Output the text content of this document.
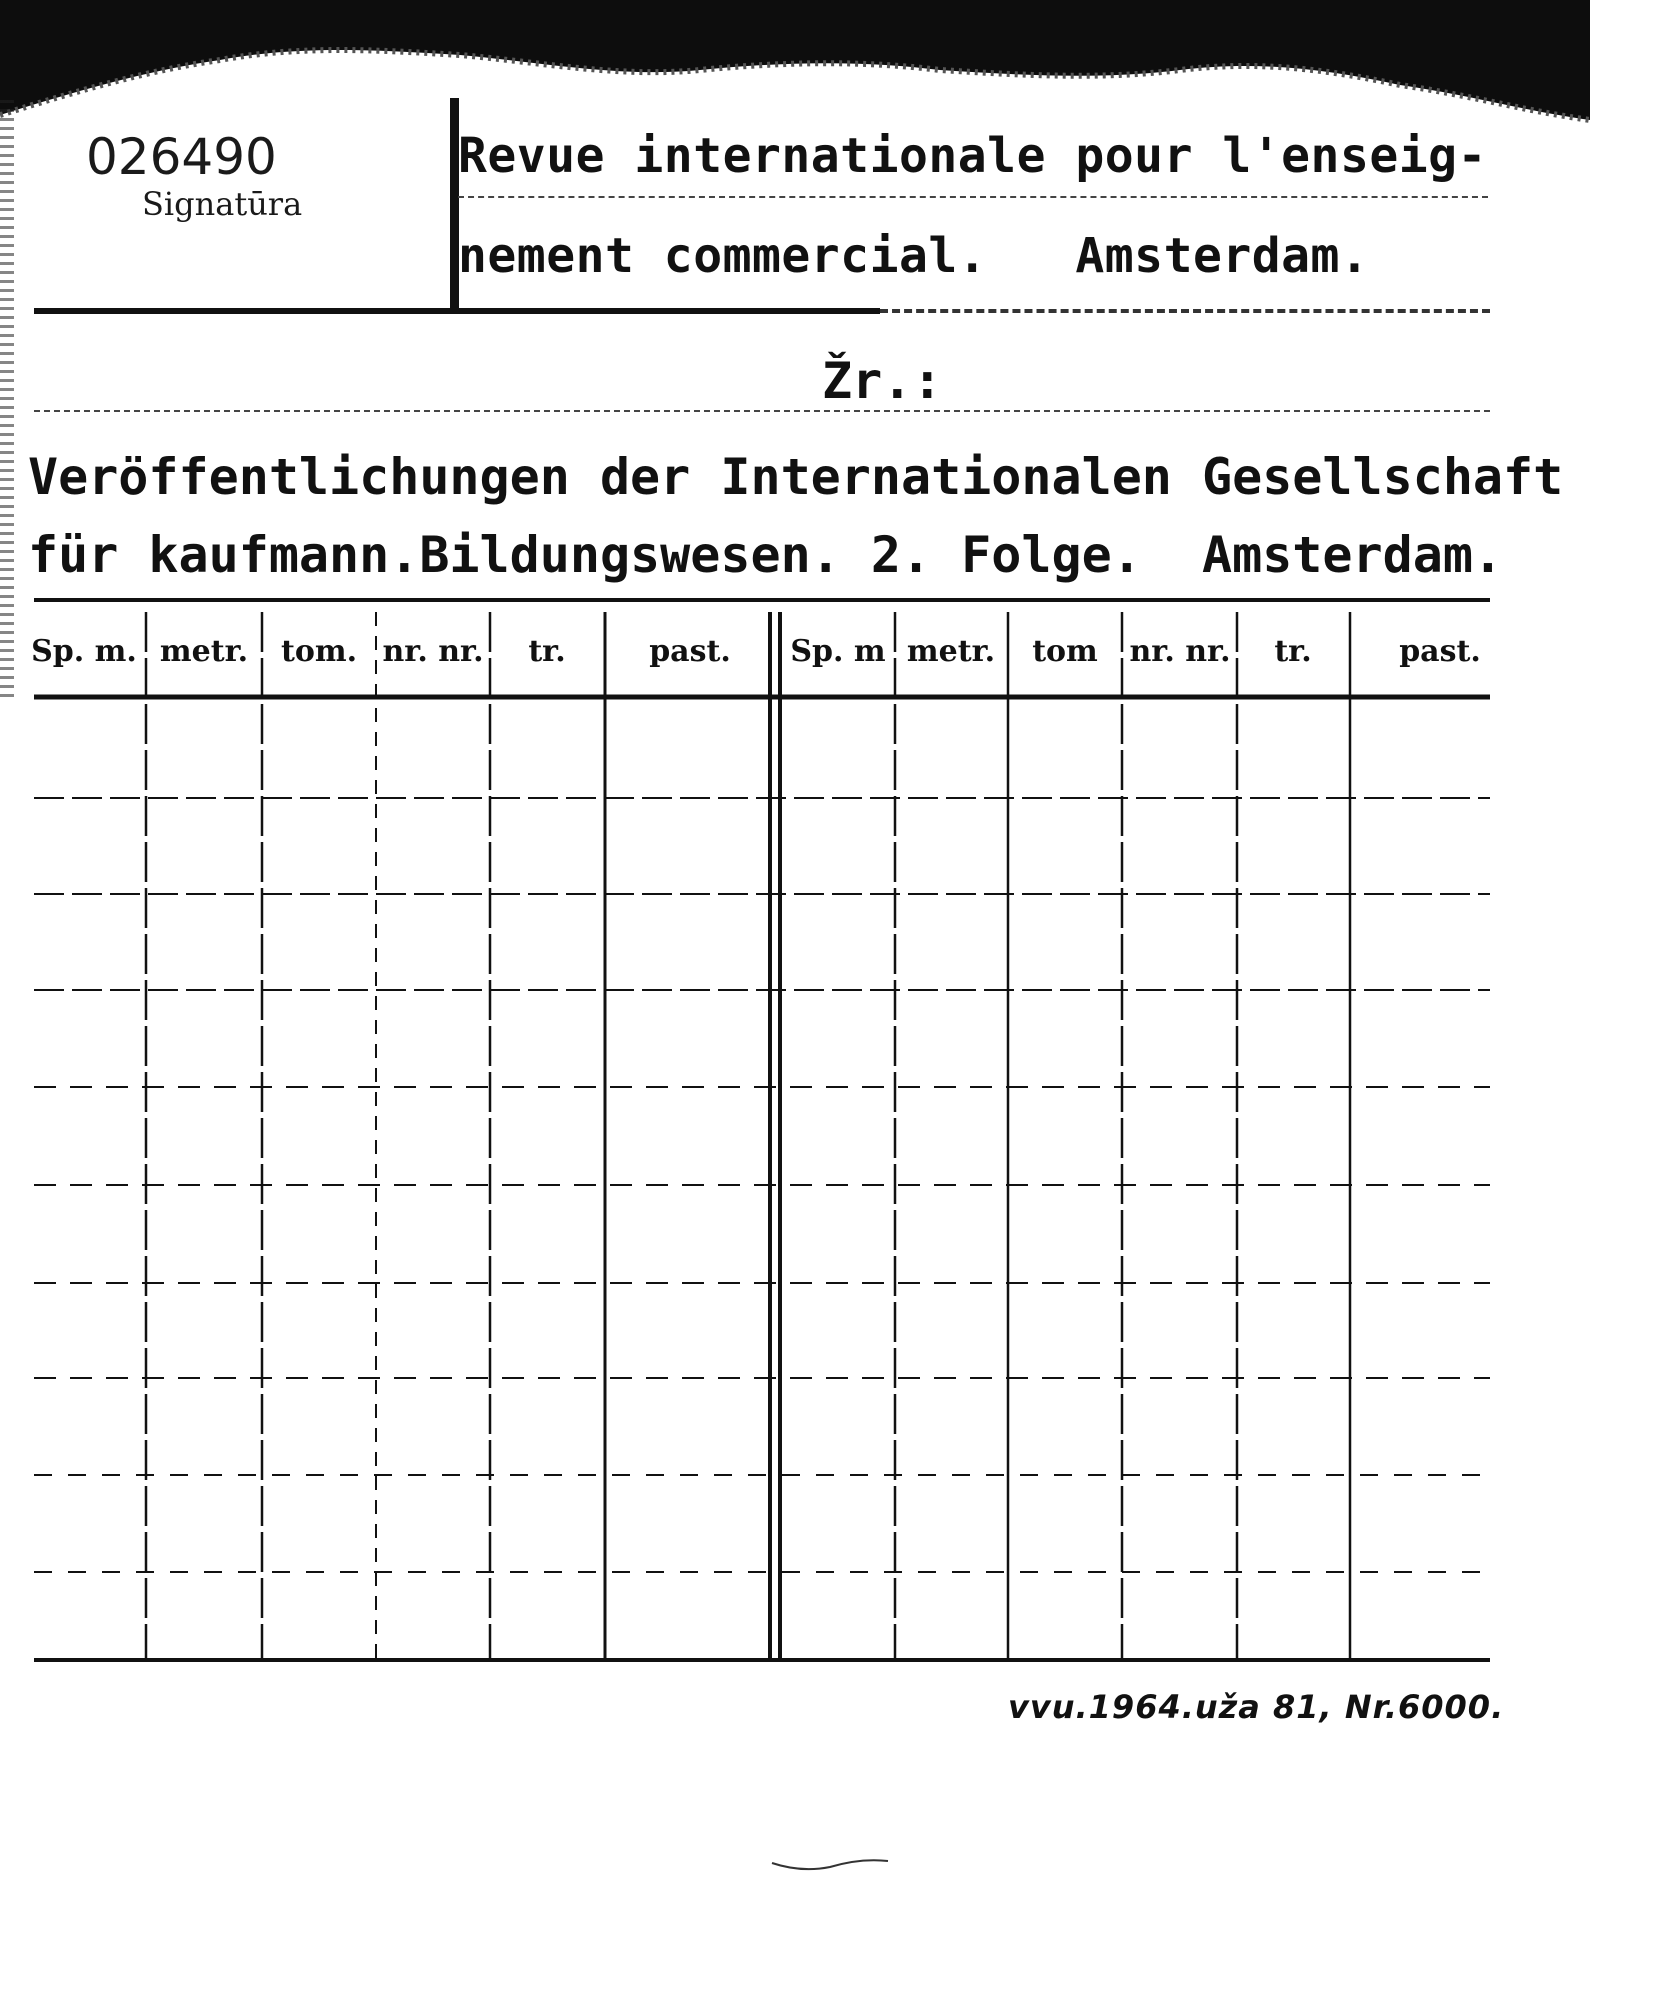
026490
Signatūra
Revue internationale pour l'enseig-
nement commercial.   Amsterdam.
Žr.:
Veröffentlichungen der Internationalen Gesellschaft
für kaufmann.Bildungswesen. 2. Folge.  Amsterdam.
Sp. m. metr. tom. nr. nr. tr.	past. Sp. m metr. tom nr. nr. tr.	past.
vvu.1964.uža 81, Nr.6000.
